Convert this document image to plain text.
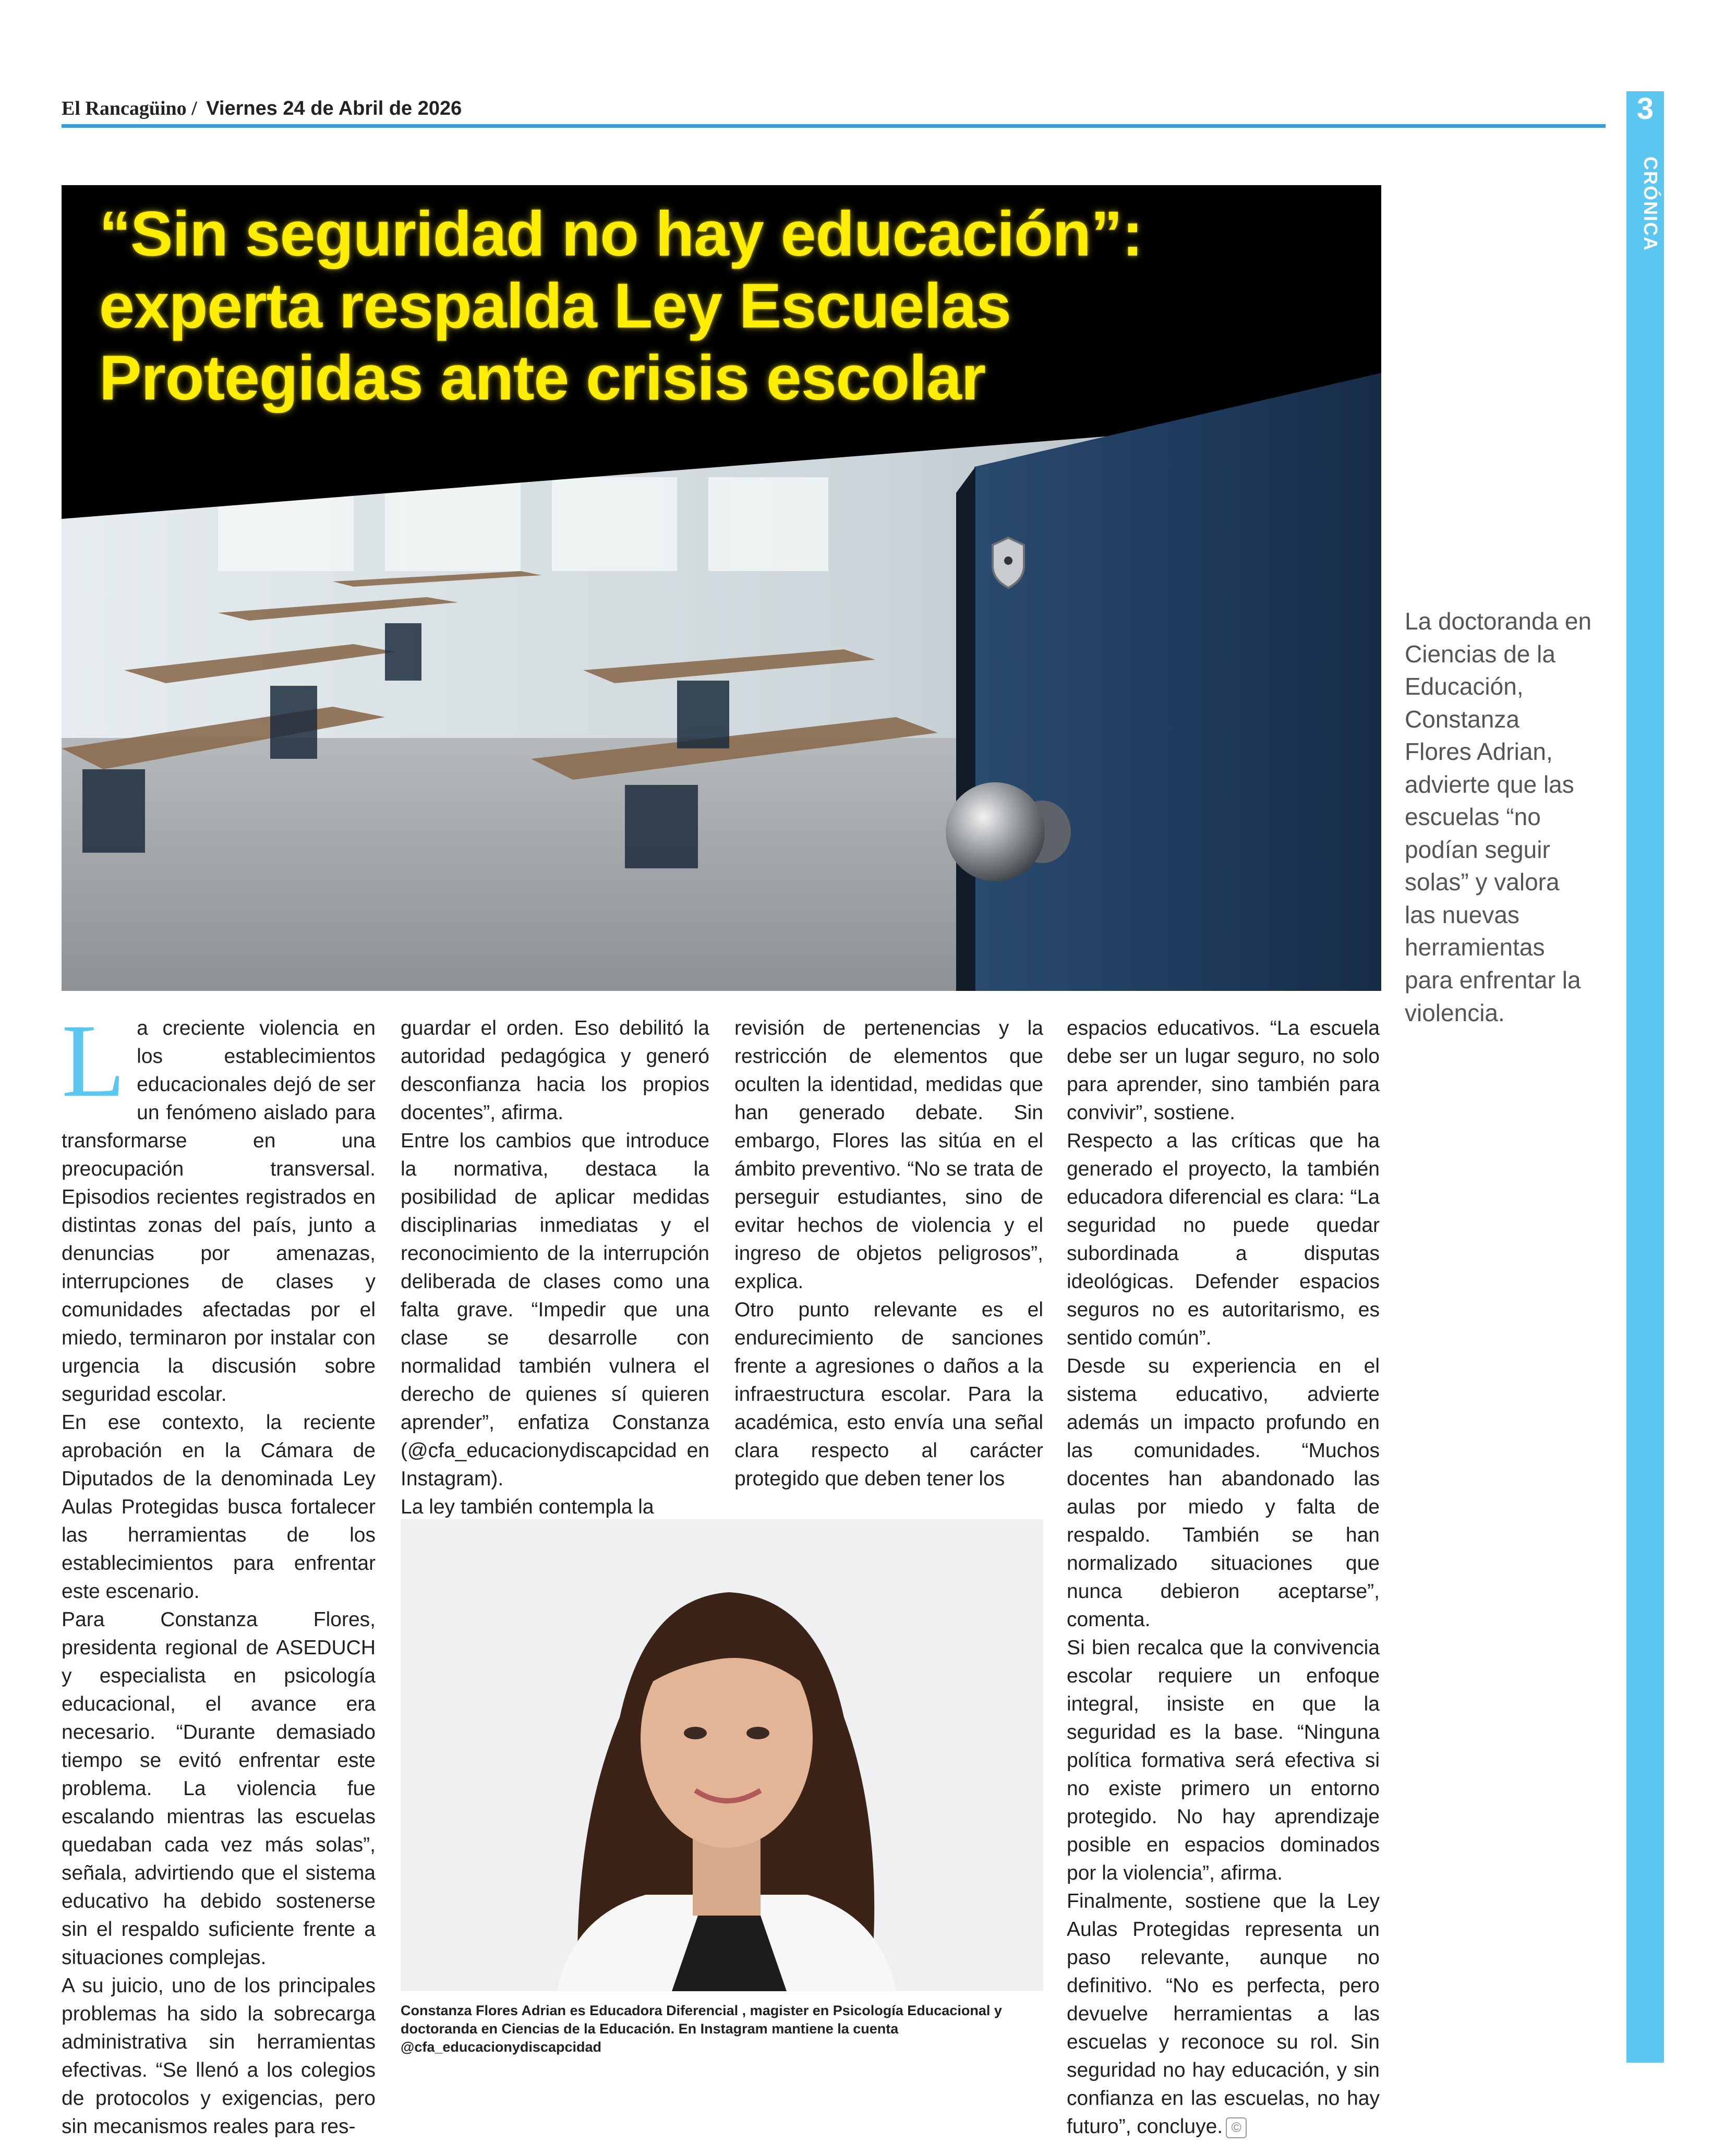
El Rancagüino / Viernes 24 de Abril de 2026	3
CRÓNICA
“Sin seguridad no hay educación”: experta respalda Ley Escuelas Protegidas ante crisis escolar
La doctoranda en Ciencias de la Educación, Constanza Flores Adrian, advierte que las escuelas “no podían seguir solas” y valora las nuevas herramientas para enfrentar la violencia.
L a creciente violencia en los establecimientos educacionales dejó de ser un fenómeno aislado para transformarse en una preocupación transversal. Episodios recientes registrados en distintas zonas del país, junto a denuncias por amenazas, interrupciones de clases y comunidades afectadas por el miedo, terminaron por instalar con urgencia la discusión sobre seguridad escolar.

En ese contexto, la reciente aprobación en la Cámara de Diputados de la denominada Ley Aulas Protegidas busca fortalecer las herramientas de los establecimientos para enfrentar este escenario.

Para Constanza Flores, presidenta regional de ASEDUCH y especialista en psicología educacional, el avance era necesario. “Durante demasiado tiempo se evitó enfrentar este problema. La violencia fue escalando mientras las escuelas quedaban cada vez más solas”, señala, advirtiendo que el sistema educativo ha debido sostenerse sin el respaldo suficiente frente a situaciones complejas.

A su juicio, uno de los principales problemas ha sido la sobrecarga administrativa sin herramientas efectivas. “Se llenó a los colegios de protocolos y exigencias, pero sin mecanismos reales para res-

guardar el orden. Eso debilitó la autoridad pedagógica y generó desconfianza hacia los propios docentes”, afirma.

Entre los cambios que introduce la normativa, destaca la posibilidad de aplicar medidas disciplinarias inmediatas y el reconocimiento de la interrupción deliberada de clases como una falta grave. “Impedir que una clase se desarrolle con normalidad también vulnera el derecho de quienes sí quieren aprender”, enfatiza Constanza (@cfa_educacionydiscapcidad en Instagram).

La ley también contempla la

revisión de pertenencias y la restricción de elementos que oculten la identidad, medidas que han generado debate. Sin embargo, Flores las sitúa en el ámbito preventivo. “No se trata de perseguir estudiantes, sino de evitar hechos de violencia y el ingreso de objetos peligrosos”, explica.

Otro punto relevante es el endurecimiento de sanciones frente a agresiones o daños a la infraestructura escolar. Para la académica, esto envía una señal clara respecto al carácter protegido que deben tener los

espacios educativos. “La escuela debe ser un lugar seguro, no solo para aprender, sino también para convivir”, sostiene.

Respecto a las críticas que ha generado el proyecto, la también educadora diferencial es clara: “La seguridad no puede quedar subordinada a disputas ideológicas. Defender espacios seguros no es autoritarismo, es sentido común”.

Desde su experiencia en el sistema educativo, advierte además un impacto profundo en las comunidades. “Muchos docentes han abandonado las aulas por miedo y falta de respaldo. También se han normalizado situaciones que nunca debieron aceptarse”, comenta.

Si bien recalca que la convivencia escolar requiere un enfoque integral, insiste en que la seguridad es la base. “Ninguna política formativa será efectiva si no existe primero un entorno protegido. No hay aprendizaje posible en espacios dominados por la violencia”, afirma.

Finalmente, sostiene que la Ley Aulas Protegidas representa un paso relevante, aunque no definitivo. “No es perfecta, pero devuelve herramientas a las escuelas y reconoce su rol. Sin seguridad no hay educación, y sin confianza en las escuelas, no hay futuro”, concluye. ©

Constanza Flores Adrian es Educadora Diferencial , magister en Psicología Educacional y doctoranda en Ciencias de la Educación. En Instagram mantiene la cuenta @cfa_educacionydiscapcidad
